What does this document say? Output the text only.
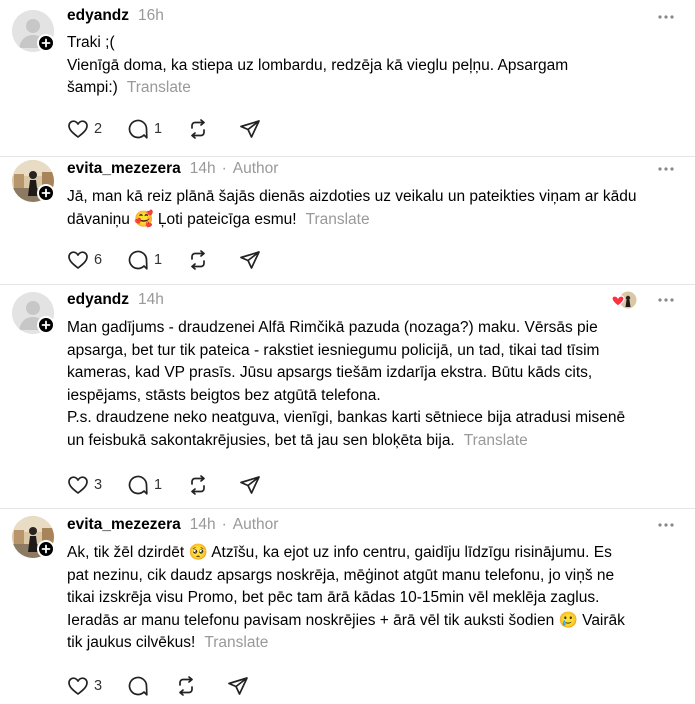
edyandz 16h
Traki ;(
Vienīgā doma, ka stiepa uz lombardu, redzēja kā vieglu peļņu. Apsargam
šampi:) Translate
2	1
evita_mezezera 14h · Author
Jā, man kā reiz plānā šajās dienās aizdoties uz veikalu un pateikties viņam ar kādu
dāvaniņu 🥰 Ļoti pateicīga esmu! Translate
6	1
edyandz 14h
Man gadījums - draudzenei Alfā Rimčikā pazuda (nozaga?) maku. Vērsās pie
apsarga, bet tur tik pateica - rakstiet iesniegumu policijā, un tad, tikai tad tīsim
kameras, kad VP prasīs. Jūsu apsargs tiešām izdarīja ekstra. Būtu kāds cits,
iespējams, stāsts beigtos bez atgūtā telefona.
P.s. draudzene neko neatguva, vienīgi, bankas karti sētniece bija atradusi misenē
un feisbukā sakontakrējusies, bet tā jau sen bloķēta bija. Translate
3	1
evita_mezezera 14h · Author
Ak, tik žēl dzirdēt 🥺 Atzīšu, ka ejot uz info centru, gaidīju līdzīgu risinājumu. Es
pat nezinu, cik daudz apsargs noskrēja, mēģinot atgūt manu telefonu, jo viņš ne
tikai izskrēja visu Promo, bet pēc tam ārā kādas 10-15min vēl meklēja zaglus.
Ieradās ar manu telefonu pavisam noskrējies + ārā vēl tik auksti šodien 🥲 Vairāk
tik jaukus cilvēkus! Translate
3
